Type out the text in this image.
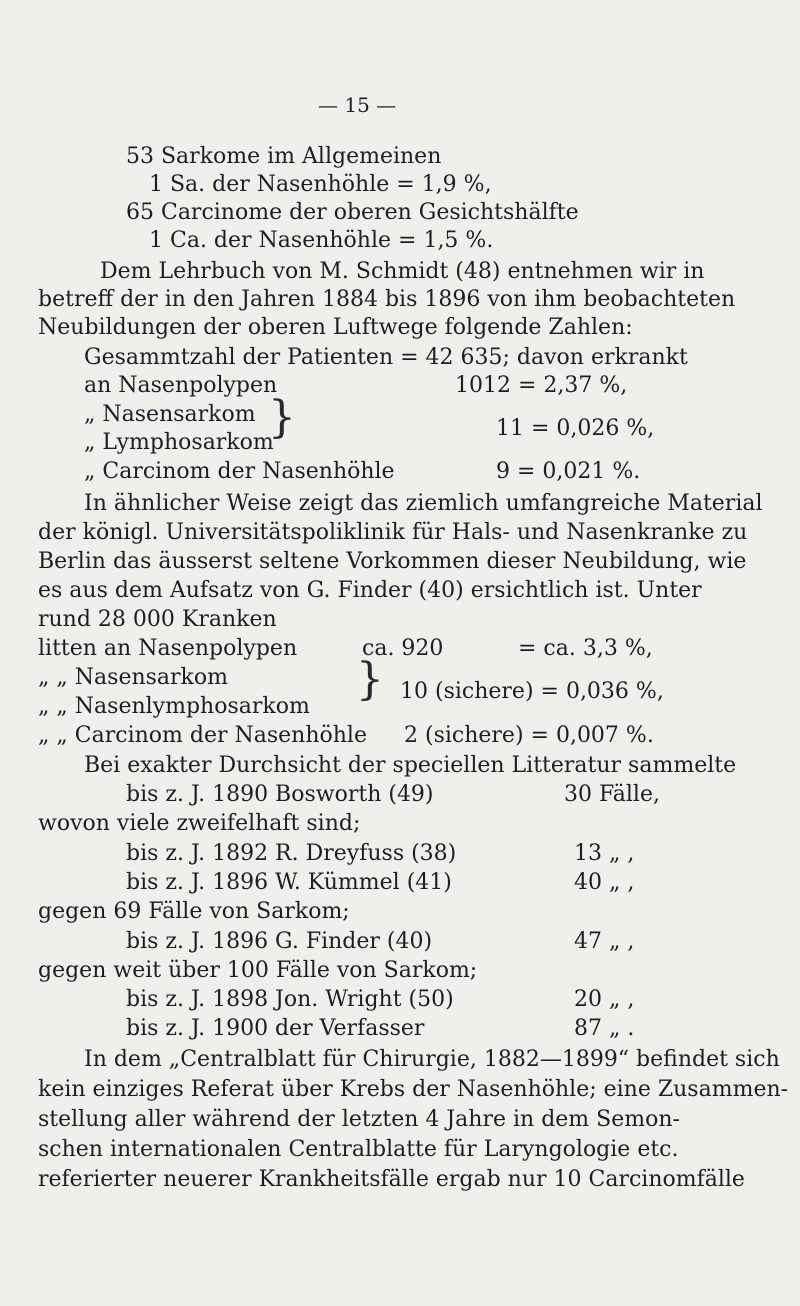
— 15 —
53 Sarkome im Allgemeinen
1 Sa. der Nasenhöhle = 1,9 %,
65 Carcinome der oberen Gesichtshälfte
1 Ca. der Nasenhöhle = 1,5 %.
Dem Lehrbuch von M. Schmidt (48) entnehmen wir in
betreff der in den Jahren 1884 bis 1896 von ihm beobachteten
Neubildungen der oberen Luftwege folgende Zahlen:
Gesammtzahl der Patienten = 42 635; davon erkrankt
an Nasenpolypen	1012 = 2,37 %,
„ Nasensarkom
„ Lymphosarkom
}	11 = 0,026 %,
„ Carcinom der Nasenhöhle	9 = 0,021 %.
In ähnlicher Weise zeigt das ziemlich umfangreiche Material
der königl. Universitätspoliklinik für Hals- und Nasenkranke zu
Berlin das äusserst seltene Vorkommen dieser Neubildung, wie
es aus dem Aufsatz von G. Finder (40) ersichtlich ist. Unter
rund 28 000 Kranken
litten an Nasenpolypen	ca. 920	= ca. 3,3 %,
„ „ Nasensarkom
„ „ Nasenlymphosarkom
} 10 (sichere) = 0,036 %,
„ „ Carcinom der Nasenhöhle 2 (sichere) = 0,007 %.
Bei exakter Durchsicht der speciellen Litteratur sammelte
bis z. J. 1890 Bosworth (49)	30 Fälle,
wovon viele zweifelhaft sind;
bis z. J. 1892 R. Dreyfuss (38)	13 „ ,
bis z. J. 1896 W. Kümmel (41)	40 „ ,
gegen 69 Fälle von Sarkom;
bis z. J. 1896 G. Finder (40)	47 „ ,
gegen weit über 100 Fälle von Sarkom;
bis z. J. 1898 Jon. Wright (50)	20 „ ,
bis z. J. 1900 der Verfasser	87 „ .
In dem „Centralblatt für Chirurgie, 1882—1899“ befindet sich
kein einziges Referat über Krebs der Nasenhöhle; eine Zusammen-
stellung aller während der letzten 4 Jahre in dem Semon-
schen internationalen Centralblatte für Laryngologie etc.
referierter neuerer Krankheitsfälle ergab nur 10 Carcinomfälle
